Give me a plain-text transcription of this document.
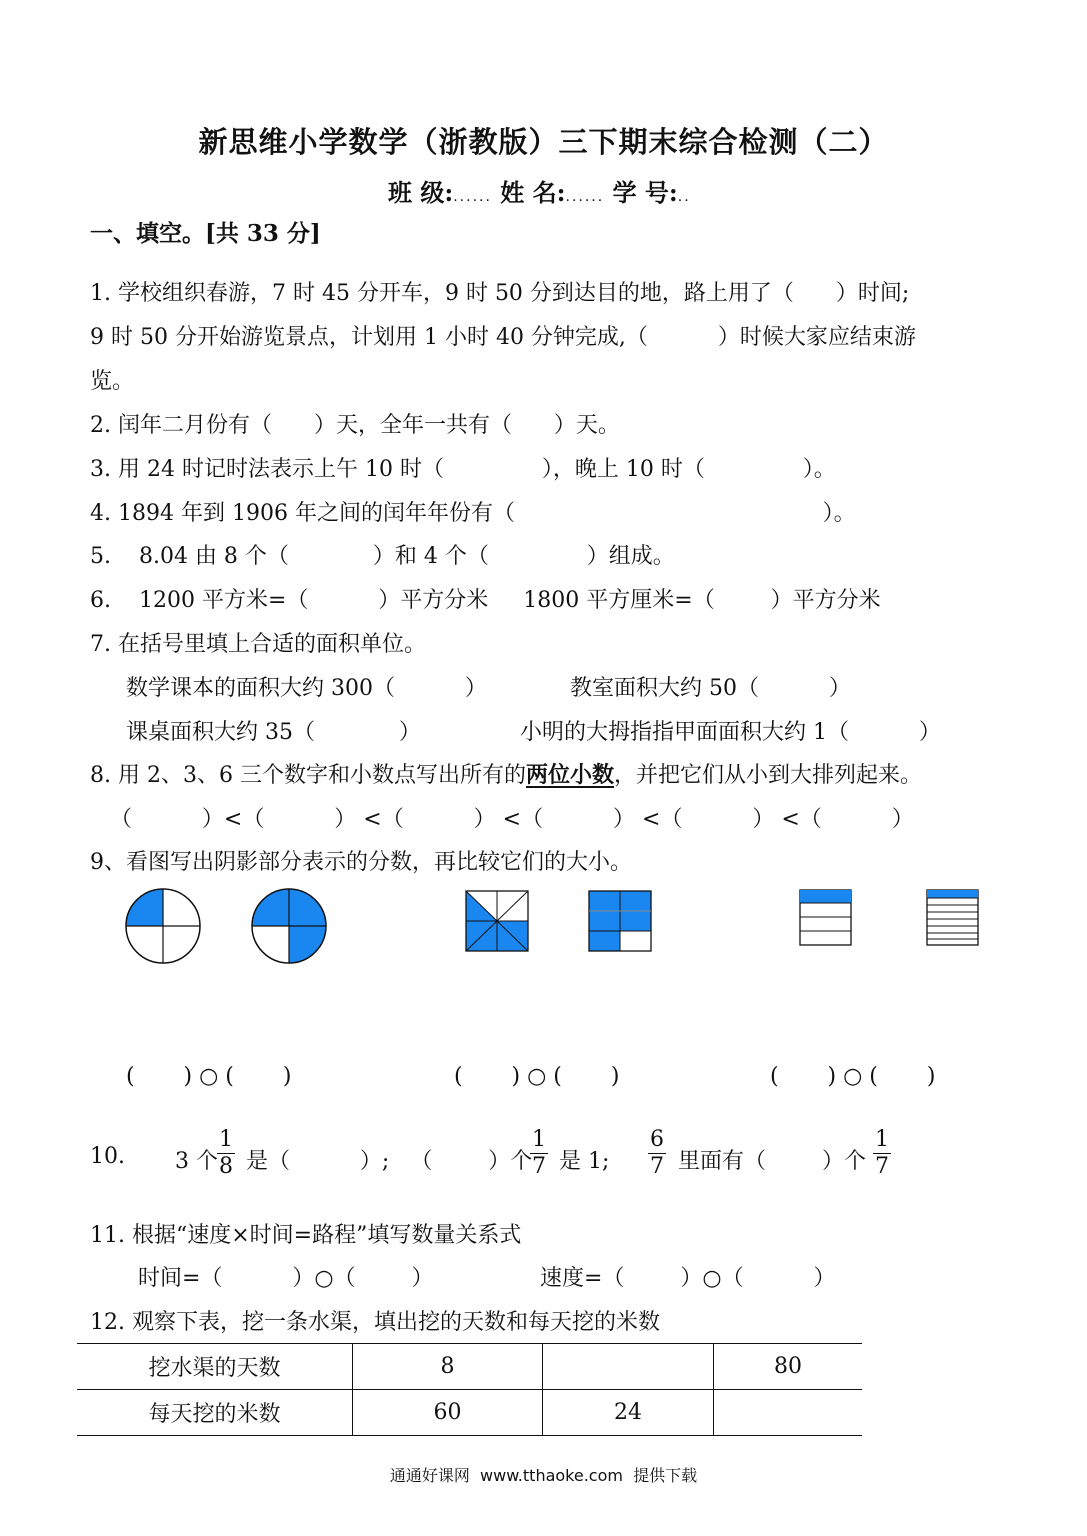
新思维小学数学（浙教版）三下期末综合检测（二）
班 级:...... 姓 名:...... 学 号:..
一、填空。[共 33 分]
1. 学校组织春游，7 时 45 分开车，9 时 50 分到达目的地，路上用了（      ）时间;
9 时 50 分开始游览景点，计划用 1 小时 40 分钟完成,（          ）时候大家应结束游
览。
2. 闰年二月份有（      ）天，全年一共有（      ）天。
3. 用 24 时记时法表示上午 10 时（              ），晚上 10 时（              ）。
4. 1894 年到 1906 年之间的闰年年份有（                                            ）。
5.    8.04 由 8 个（            ）和 4 个（              ）组成。
6.    1200 平方米=（          ）平方分米     1800 平方厘米=（        ）平方分米
7. 在括号里填上合适的面积单位。
数学课本的面积大约 300（          ）	教室面积大约 50（          ）
课桌面积大约 35（            ）	小明的大拇指指甲面面积大约 1（          ）
8. 用 2、3、6 三个数字和小数点写出所有的两位小数，并把它们从小到大排列起来。
（          ）<（          ） <（          ） <（          ） <（          ） <（          ）
9、看图写出阴影部分表示的分数，再比较它们的大小。
(       ) ○ (       )	(       ) ○ (       )	(       ) ○ (       )
10. 3 个
1
8 是（          ）;   （        ）个
1
7 是 1;
6
7 里面有（        ）个
1
7
11. 根据“速度×时间=路程”填写数量关系式
时间=（          ）○（        ）	速度=（        ）○（          ）
12. 观察下表，挖一条水渠，填出挖的天数和每天挖的米数
挖水渠的天数	8		80
每天挖的米数	60	24	
通通好课网  www.tthaoke.com  提供下载
